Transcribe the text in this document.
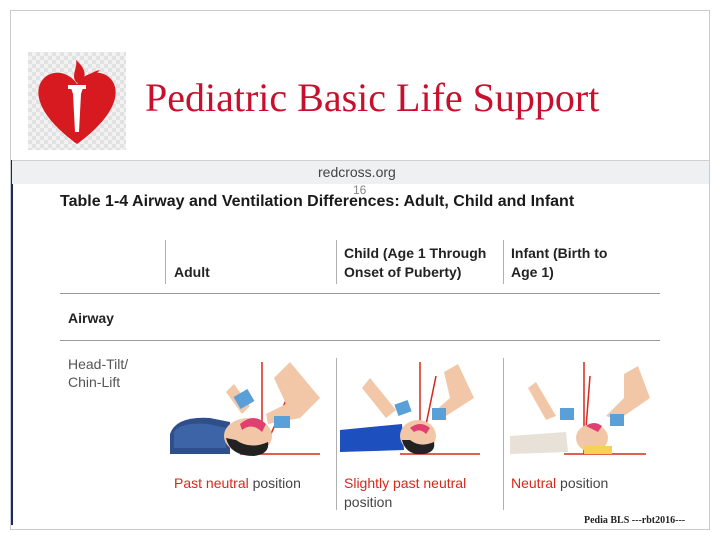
Pediatric Basic Life Support
redcross.org
16
Table 1-4 Airway and Ventilation Differences: Adult, Child and Infant
Adult
Child (Age 1 Through Onset of Puberty)
Infant (Birth to Age 1)
Airway
Head-Tilt/ Chin-Lift
Past neutral position	Slightly past neutral position
Neutral position
Pedia BLS ---rbt2016---
